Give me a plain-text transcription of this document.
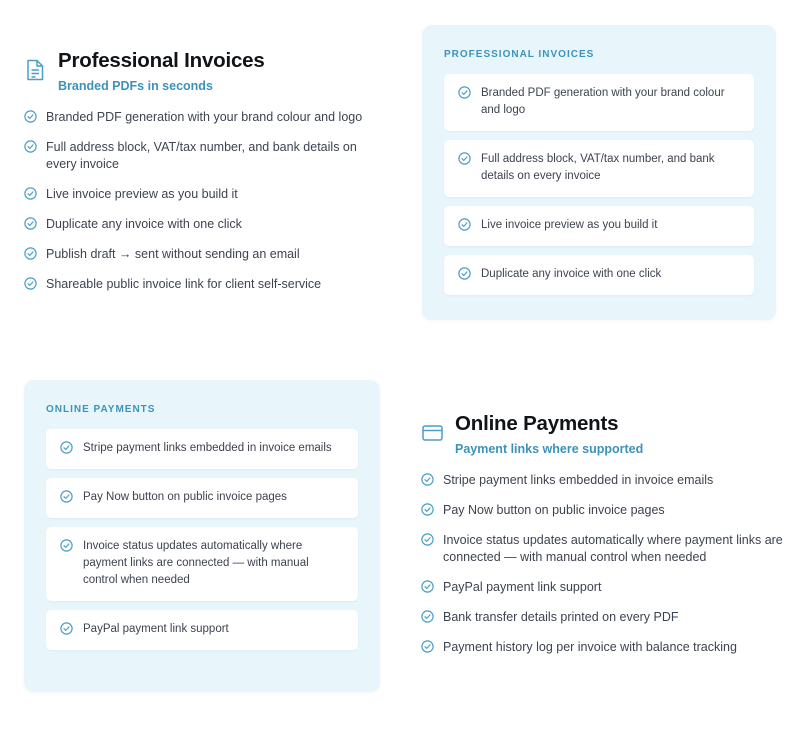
Professional Invoices
Branded PDFs in seconds
Branded PDF generation with your brand colour and logo
Full address block, VAT/tax number, and bank details on every invoice
Live invoice preview as you build it
Duplicate any invoice with one click
Publish draft → sent without sending an email
Shareable public invoice link for client self-service
PROFESSIONAL INVOICES
Branded PDF generation with your brand colour and logo
Full address block, VAT/tax number, and bank details on every invoice
Live invoice preview as you build it
Duplicate any invoice with one click
ONLINE PAYMENTS
Stripe payment links embedded in invoice emails
Pay Now button on public invoice pages
Invoice status updates automatically where payment links are connected — with manual control when needed
PayPal payment link support
Online Payments
Payment links where supported
Stripe payment links embedded in invoice emails
Pay Now button on public invoice pages
Invoice status updates automatically where payment links are connected — with manual control when needed
PayPal payment link support
Bank transfer details printed on every PDF
Payment history log per invoice with balance tracking
